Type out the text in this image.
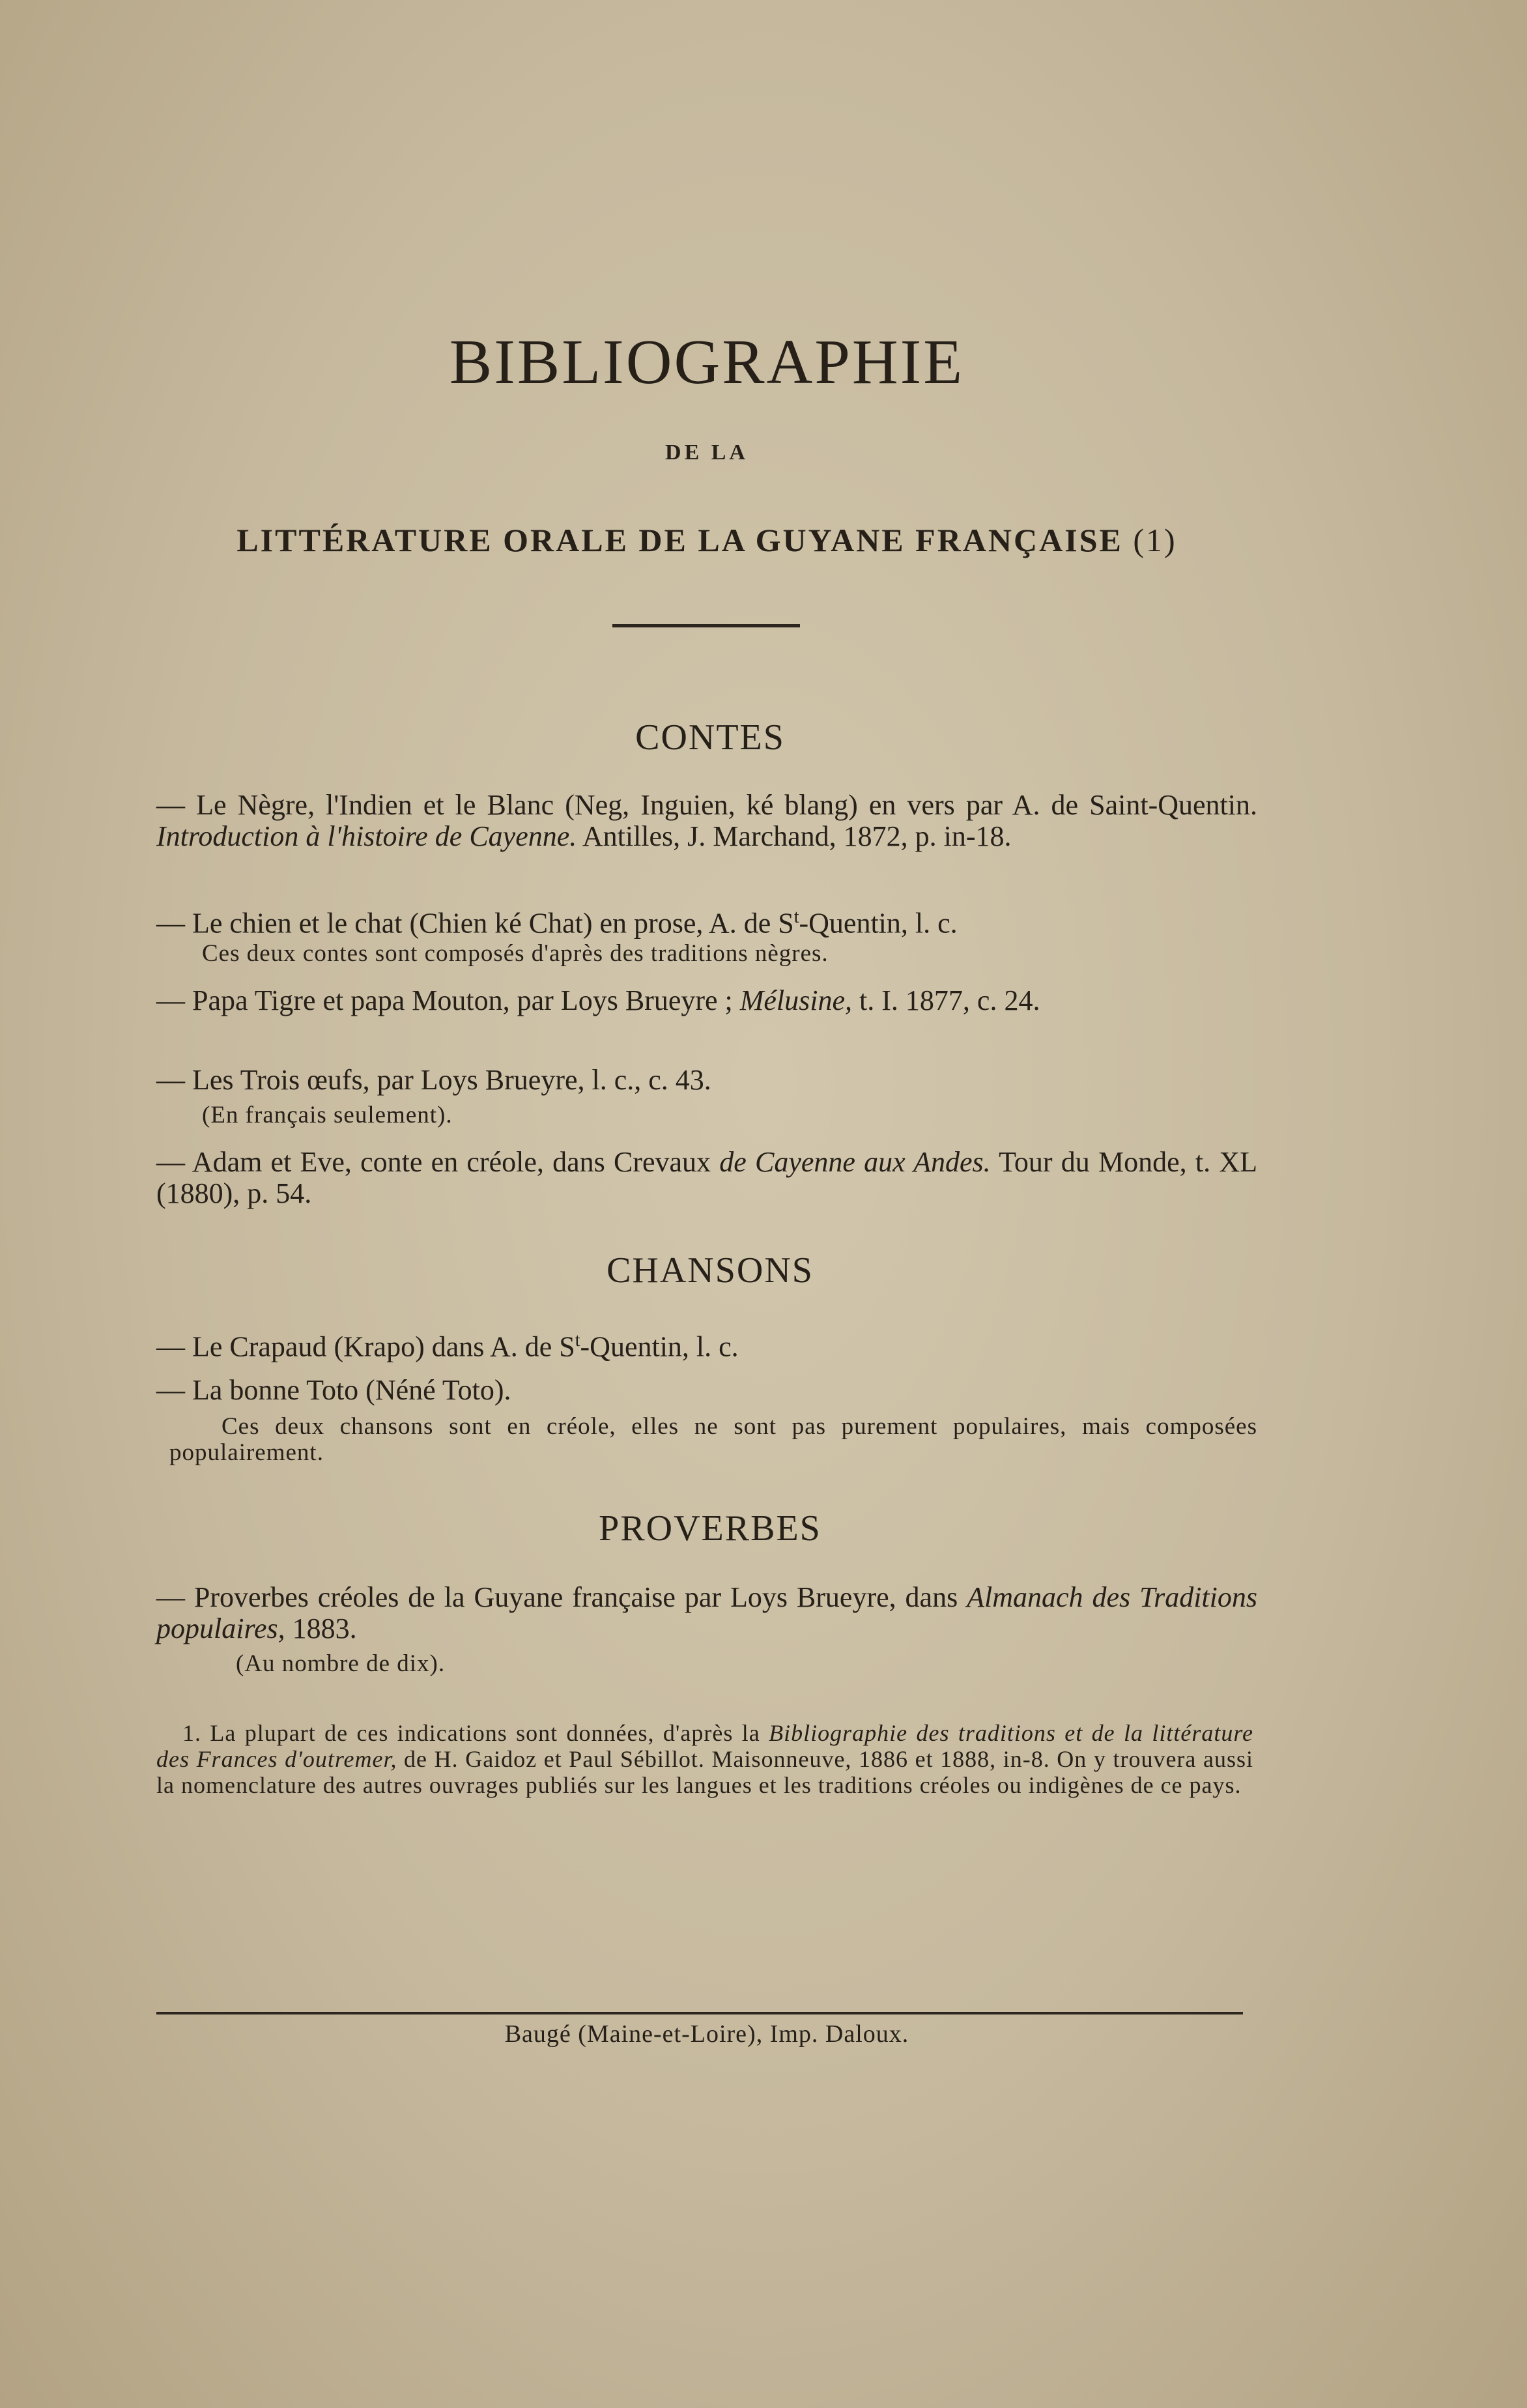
BIBLIOGRAPHIE
DE LA
LITTÉRATURE ORALE DE LA GUYANE FRANÇAISE (1)
CONTES
— Le Nègre, l'Indien et le Blanc (Neg, Inguien, ké blang) en vers par A. de Saint-Quentin. Introduction à l'histoire de Cayenne. Antilles, J. Marchand, 1872, p. in-18.
— Le chien et le chat (Chien ké Chat) en prose, A. de $S^t$-Quentin, l. c.
Ces deux contes sont composés d'après des traditions nègres.
— Papa Tigre et papa Mouton, par Loys Brueyre ; Mélusine, t. I. 1877, c. 24.
— Les Trois œufs, par Loys Brueyre, l. c., c. 43.
(En français seulement).
— Adam et Eve, conte en créole, dans Crevaux de Cayenne aux Andes. Tour du Monde, t. XL (1880), p. 54.
CHANSONS
— Le Crapaud (Krapo) dans A. de $S^t$-Quentin, l. c.
— La bonne Toto (Néné Toto).
Ces deux chansons sont en créole, elles ne sont pas purement populaires, mais composées populairement.
PROVERBES
— Proverbes créoles de la Guyane française par Loys Brueyre, dans Almanach des Traditions populaires, 1883.
(Au nombre de dix).
1. La plupart de ces indications sont données, d'après la Bibliographie des traditions et de la littérature des Frances d'outremer, de H. Gaidoz et Paul Sébillot. Maisonneuve, 1886 et 1888, in-8. On y trouvera aussi la nomenclature des autres ouvrages publiés sur les langues et les traditions créoles ou indigènes de ce pays.
Baugé (Maine-et-Loire), Imp. Daloux.
